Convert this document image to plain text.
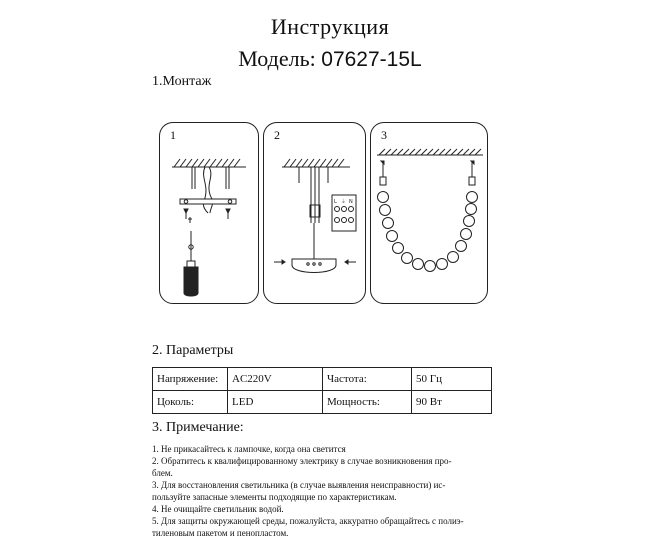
Инструкция
Модель: 07627-15L
1.Монтаж
1	2
L ⏚ N
3
2. Параметры
Напряжение:	AC220V	Частота:	50 Гц
Цоколь:	LED	Мощность:	90 Вт
3. Примечание:
1. Не прикасайтесь к лампочке, когда она светится
2. Обратитесь к квалифицированному электрику в случае возникновения про-
блем.
3. Для восстановления светильника (в случае выявления неисправности) ис-
пользуйте запасные элементы подходящие по характеристикам.
4. Не очищайте светильник водой.
5. Для защиты окружающей среды, пожалуйста, аккуратно обращайтесь с полиэ-
тиленовым пакетом и пенопластом.
